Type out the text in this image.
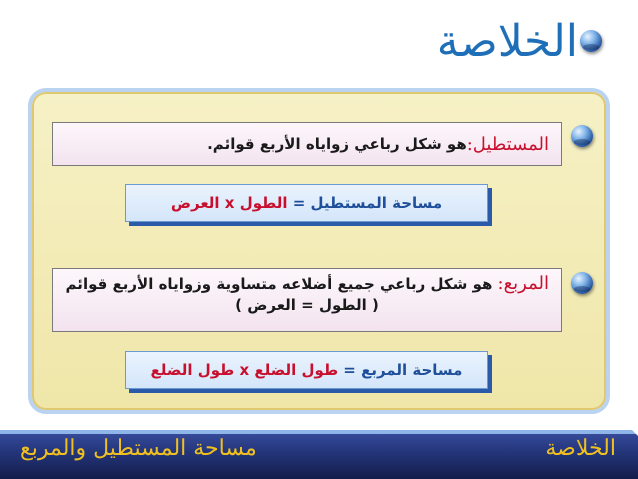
الخلاصة
المستطيل:
هو شكل رباعي زواياه الأربع قوائم.
مساحة المستطيل
=
الطول x العرض
المربع: هو شكل رباعي جميع أضلاعه متساوية وزواياه الأربع قوائم
( الطول = العرض )
مساحة المربع
=
طول الضلع x طول الضلع
الخلاصة
مساحة المستطيل والمربع
